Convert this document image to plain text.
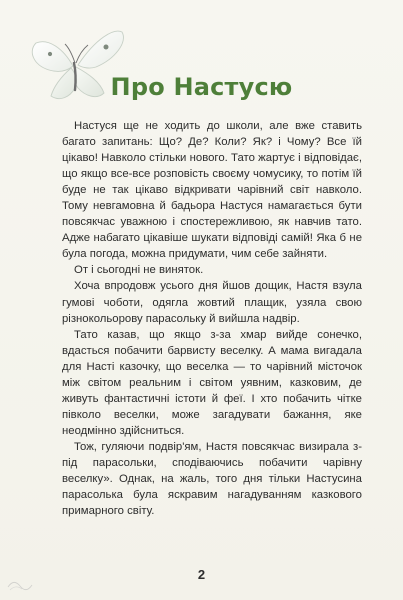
Про Настусю

Настуся ще не ходить до школи, але вже ставить багато запитань: Що? Де? Коли? Як? і Чому? Все їй цікаво! Навколо стільки нового. Тато жартує і відповідає, що якщо все-все розповість своєму чомусику, то потім їй буде не так цікаво відкривати чарівний світ навколо. Тому невгамовна й бадьора Настуся намагається бути повсякчас уважною і спостережливою, як навчив тато. Адже набагато цікавіше шукати відповіді самій! Яка б не була погода, можна придумати, чим себе зайняти.

От і сьогодні не виняток.

Хоча впродовж усього дня йшов дощик, Настя взула гумові чоботи, одягла жовтий плащик, узяла свою різнокольорову парасольку й вийшла надвір.

Тато казав, що якщо з-за хмар вийде сонечко, вдасться побачити барвисту веселку. А мама вигадала для Насті казочку, що веселка — то чарівний місточок між світом реальним і світом уявним, казковим, де живуть фантастичні істоти й феї. І хто побачить чітке півколо веселки, може загадувати бажання, яке неодмінно здійсниться.

Тож, гуляючи подвір'ям, Настя повсякчас визирала з-під парасольки, сподіваючись побачити чарівну веселку». Однак, на жаль, того дня тільки Настусина парасолька була яскравим нагадуванням казкового примарного світу.

2
